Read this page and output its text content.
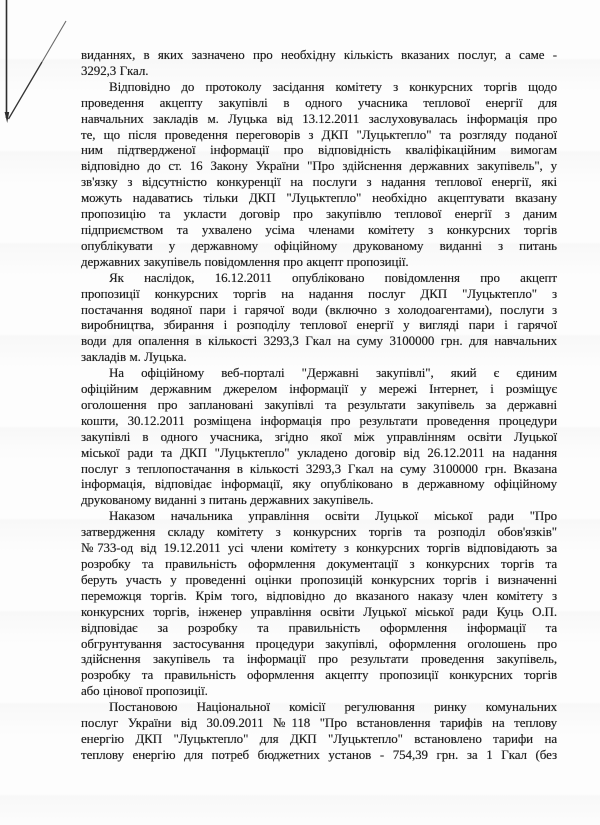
виданнях, в яких зазначено про необхідну кількість вказаних послуг, а саме -
3292,3 Гкал.
Відповідно до протоколу засідання комітету з конкурсних торгів щодо
проведення акцепту закупівлі в одного учасника теплової енергії для
навчальних закладів м. Луцька від 13.12.2011 заслуховувалась інформація про
те, що після проведення переговорів з ДКП "Луцьктепло" та розгляду поданої
ним підтвердженої інформації про відповідність кваліфікаційним вимогам
відповідно до ст. 16 Закону України "Про здійснення державних закупівель", у
зв'язку з відсутністю конкуренції на послуги з надання теплової енергії, які
можуть надаватись тільки ДКП "Луцьктепло" необхідно акцептувати вказану
пропозицію та укласти договір про закупівлю теплової енергії з даним
підприємством та ухвалено усіма членами комітету з конкурсних торгів
опублікувати у державному офіційному друкованому виданні з питань
державних закупівель повідомлення про акцепт пропозиції.
Як наслідок, 16.12.2011 опубліковано повідомлення про акцепт
пропозиції конкурсних торгів на надання послуг ДКП "Луцьктепло" з
постачання водяної пари і гарячої води (включно з холодоагентами), послуги з
виробництва, збирання і розподілу теплової енергії у вигляді пари і гарячої
води для опалення в кількості 3293,3 Гкал на суму 3100000 грн. для навчальних
закладів м. Луцька.
На офіційному веб-порталі "Державні закупівлі", який є єдиним
офіційним державним джерелом інформації у мережі Інтернет, і розміщує
оголошення про заплановані закупівлі та результати закупівель за державні
кошти, 30.12.2011 розміщена інформація про результати проведення процедури
закупівлі в одного учасника, згідно якої між управлінням освіти Луцької
міської ради та ДКП "Луцьктепло" укладено договір від 26.12.2011 на надання
послуг з теплопостачання в кількості 3293,3 Гкал на суму 3100000 грн. Вказана
інформація, відповідає інформації, яку опубліковано в державному офіційному
друкованому виданні з питань державних закупівель.
Наказом начальника управління освіти Луцької міської ради "Про
затвердження складу комітету з конкурсних торгів та розподіл обов'язків"
№733-од від 19.12.2011 усі члени комітету з конкурсних торгів відповідають за
розробку та правильність оформлення документації з конкурсних торгів та
беруть участь у проведенні оцінки пропозицій конкурсних торгів і визначенні
переможця торгів. Крім того, відповідно до вказаного наказу член комітету з
конкурсних торгів, інженер управління освіти Луцької міської ради Куць О.П.
відповідає за розробку та правильність оформлення інформації та
обгрунтування застосування процедури закупівлі, оформлення оголошень про
здійснення закупівель та інформації про результати проведення закупівель,
розробку та правильність оформлення акцепту пропозиції конкурсних торгів
або цінової пропозиції.
Постановою Національної комісії регулювання ринку комунальних
послуг України від 30.09.2011 №118 "Про встановлення тарифів на теплову
енергію ДКП "Луцьктепло" для ДКП "Луцьктепло" встановлено тарифи на
теплову енергію для потреб бюджетних установ - 754,39 грн. за 1 Гкал (без
